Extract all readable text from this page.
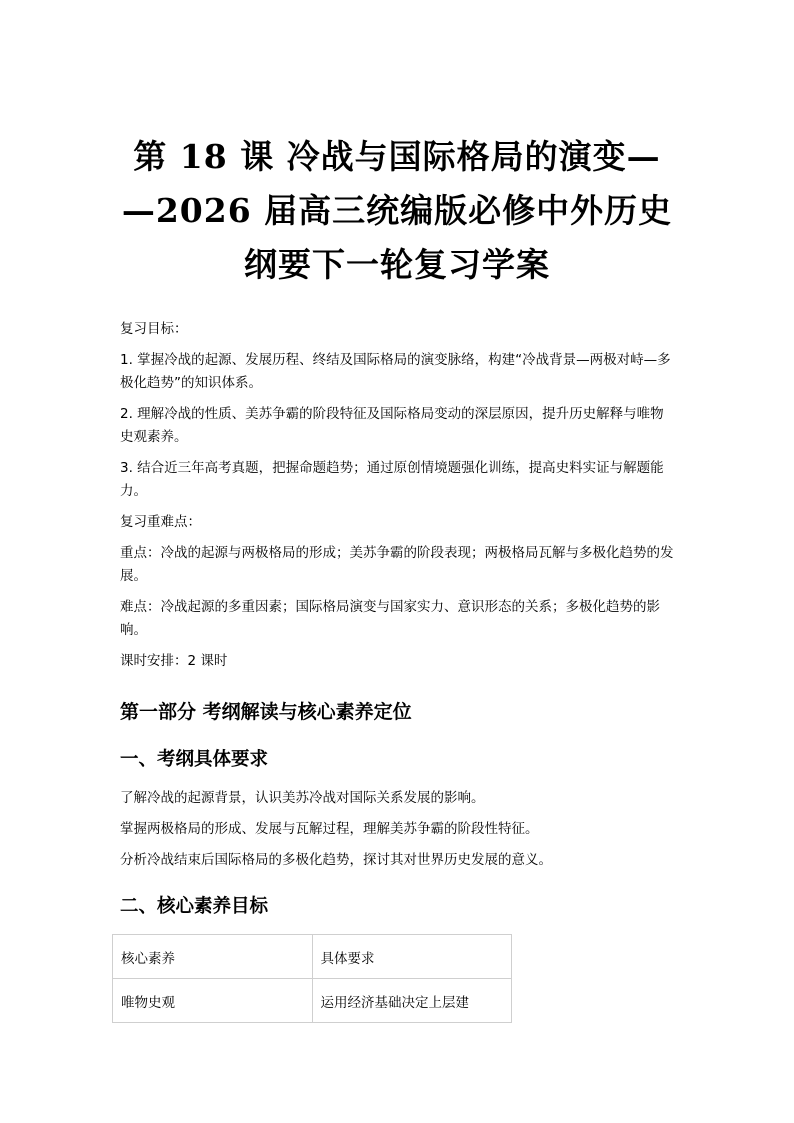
第 18 课 冷战与国际格局的演变—
—2026 届高三统编版必修中外历史
纲要下一轮复习学案

复习目标：

1. 掌握冷战的起源、发展历程、终结及国际格局的演变脉络，构建“冷战背景—两极对峙—多极化趋势”的知识体系。

2. 理解冷战的性质、美苏争霸的阶段特征及国际格局变动的深层原因，提升历史解释与唯物史观素养。

3. 结合近三年高考真题，把握命题趋势；通过原创情境题强化训练，提高史料实证与解题能力。

复习重难点：

重点：冷战的起源与两极格局的形成；美苏争霸的阶段表现；两极格局瓦解与多极化趋势的发展。

难点：冷战起源的多重因素；国际格局演变与国家实力、意识形态的关系；多极化趋势的影响。

课时安排：2 课时

第一部分 考纲解读与核心素养定位
一、考纲具体要求

了解冷战的起源背景，认识美苏冷战对国际关系发展的影响。

掌握两极格局的形成、发展与瓦解过程，理解美苏争霸的阶段性特征。

分析冷战结束后国际格局的多极化趋势，探讨其对世界历史发展的意义。

二、核心素养目标
核心素养	具体要求
唯物史观	运用经济基础决定上层建
